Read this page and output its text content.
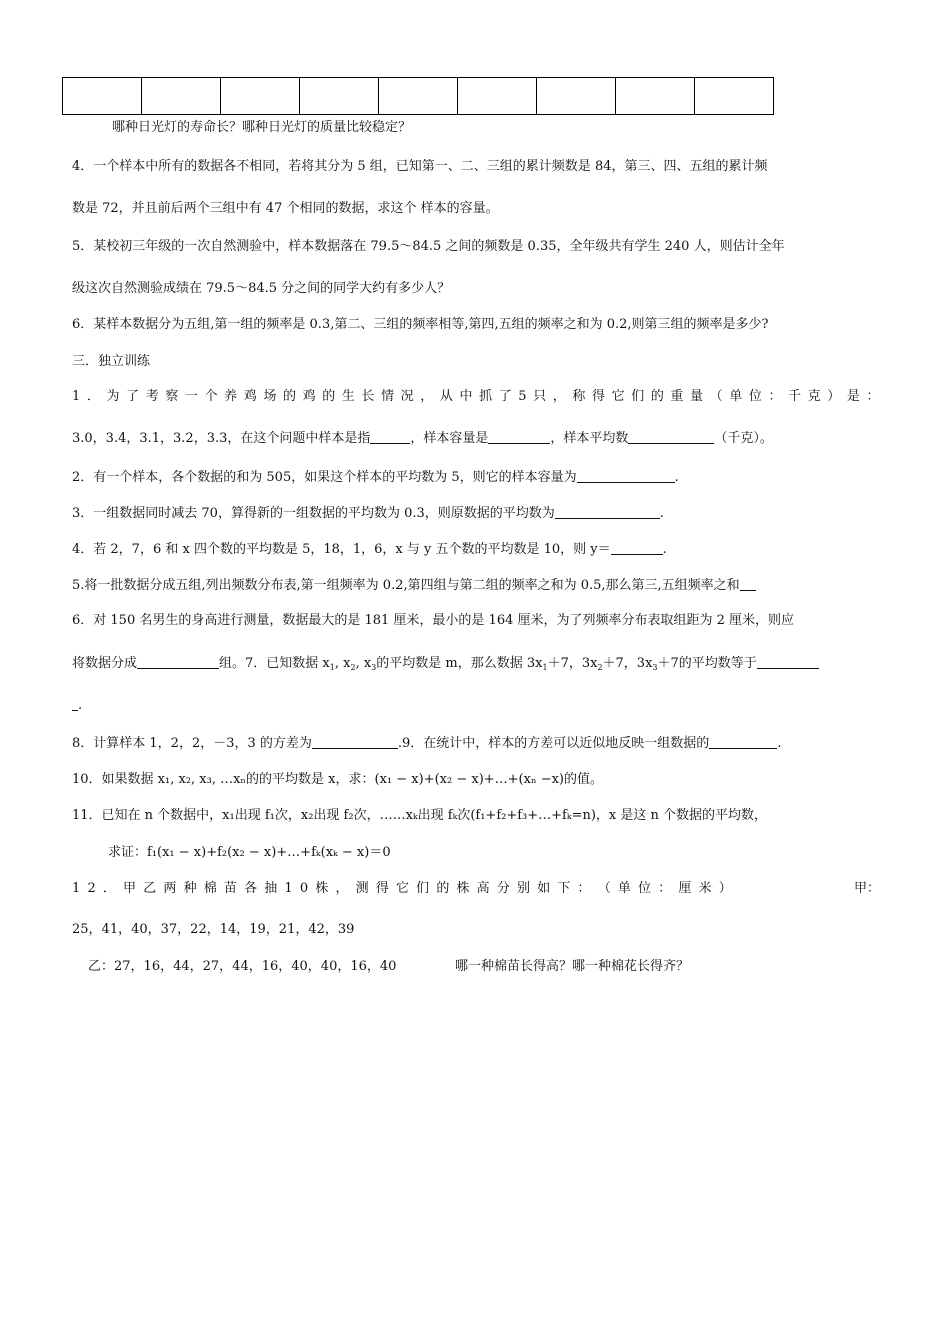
哪种日光灯的寿命长？哪种日光灯的质量比较稳定？
4．一个样本中所有的数据各不相同，若将其分为 5 组，已知第一、二、三组的累计频数是 84，第三、四、五组的累计频
数是 72，并且前后两个三组中有 47 个相同的数据，求这个 样本的容量。
5．某校初三年级的一次自然测验中，样本数据落在 79.5～84.5 之间的频数是 0.35，全年级共有学生 240 人，则估计全年
级这次自然测验成绩在 79.5～84.5 分之间的同学大约有多少人？
6．某样本数据分为五组,第一组的频率是 0.3,第二、三组的频率相等,第四,五组的频率之和为 0.2,则第三组的频率是多少?
三．独立训练
1 ． 为 了 考 察 一 个 养 鸡 场 的 鸡 的 生 长 情 况 ， 从 中 抓 了 5 只 ， 称 得 它 们 的 重 量 （ 单 位 ： 千 克 ） 是 ：
3.0，3.4，3.1，3.2，3.3，在这个问题中样本是指	，样本容量是	，样本平均数	（千克）。
2．有一个样本，各个数据的和为 505，如果这个样本的平均数为 5，则它的样本容量为	.
3．一组数据同时减去 70，算得新的一组数据的平均数为 0.3，则原数据的平均数为	.
4．若 2，7，6 和 x 四个数的平均数是 5，18，1，6，x 与 y 五个数的平均数是 10，则 y＝	.
5.将一批数据分成五组,列出频数分布表,第一组频率为 0.2,第四组与第二组的频率之和为 0.5,那么第三,五组频率之和
6．对 150 名男生的身高进行测量，数据最大的是 181 厘米，最小的是 164 厘米，为了列频率分布表取组距为 2 厘米，则应
将数据分成	组。7．已知数据 $x_1$, $x_2$, $x_3$的平均数是 m，那么数据 $3x_1+7$，$3x_2+7$，$3x_3+7$的平均数等于
.
8．计算样本 1，2，2，－3，3 的方差为	.9．在统计中，样本的方差可以近似地反映一组数据的	.
10．如果数据 x₁, x₂, x₃, …xₙ的的平均数是 x，求：(x₁ − x)+(x₂ − x)+…+(xₙ −x)的值。
11．已知在 n 个数据中，x₁出现 f₁次，x₂出现 f₂次，……xₖ出现 fₖ次(f₁+f₂+f₃+…+fₖ=n)，x 是这 n 个数据的平均数，
求证：f₁(x₁ − x)+f₂(x₂ − x)+…+fₖ(xₖ − x)＝0
1 2 ． 甲 乙 两 种 棉 苗 各 抽 1 0 株 ， 测 得 它 们 的 株 高 分 别 如 下 ： （ 单 位 ： 厘 米 ）	甲：
25，41，40，37，22，14，19，21，42，39
乙：27，16，44，27，44，16，40，40，16，40	哪一种棉苗长得高？哪一种棉花长得齐？
